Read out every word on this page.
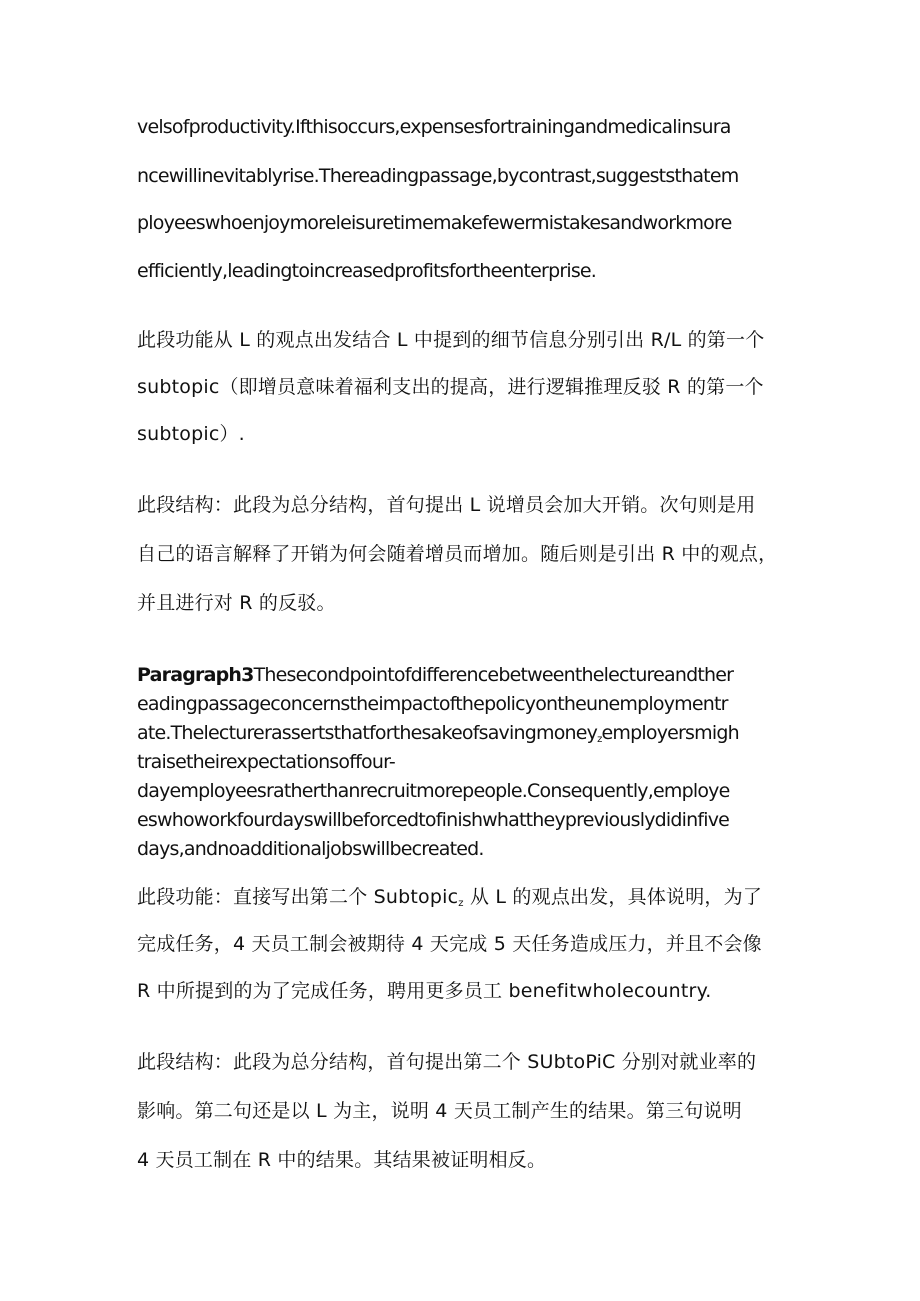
velsofproductivity.Ifthisoccurs,expensesfortrainingandmedicalinsura
ncewillinevitablyrise.Thereadingpassage,bycontrast,suggeststhatem
ployeeswhoenjoymoreleisuretimemakefewermistakesandworkmore
efficiently,leadingtoincreasedprofitsfortheenterprise.
此段功能从 L 的观点出发结合 L 中提到的细节信息分别引出 R/L 的第一个
subtopic（即增员意味着福利支出的提高，进行逻辑推理反驳 R 的第一个
subtopic）.
此段结构：此段为总分结构，首句提出 L 说增员会加大开销。次句则是用
自己的语言解释了开销为何会随着增员而增加。随后则是引出 R 中的观点，
并且进行对 R 的反驳。
Paragraph3Thesecondpointofdifferencebetweenthelectureandther
eadingpassageconcernstheimpactofthepolicyontheunemploymentr
ate.Thelecturerassertsthatforthesakeofsavingmoney$_z$employersmigh
traisetheirexpectationsoffour-
dayemployeesratherthanrecruitmorepeople.Consequently,employe
eswhoworkfourdayswillbeforcedtofinishwhattheypreviouslydidinfive
days,andnoadditionaljobswillbecreated.
此段功能：直接写出第二个 Subtopic$_z$ 从 L 的观点出发，具体说明，为了
完成任务，4 天员工制会被期待 4 天完成 5 天任务造成压力，并且不会像
R 中所提到的为了完成任务，聘用更多员工 benefitwholecountry.
此段结构：此段为总分结构，首句提出第二个 SUbtoPiC 分别对就业率的
影响。第二句还是以 L 为主，说明 4 天员工制产生的结果。第三句说明
4 天员工制在 R 中的结果。其结果被证明相反。
